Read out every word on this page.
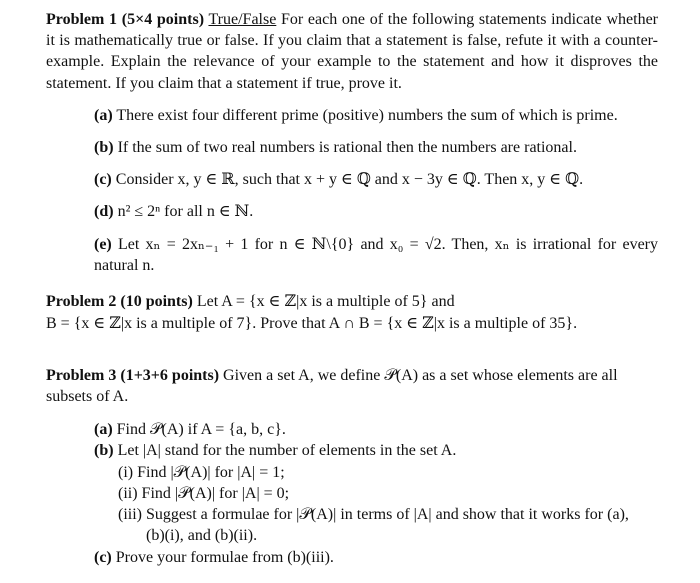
Problem 1 (5×4 points) True/False For each one of the following statements indicate whether
it is mathematically true or false. If you claim that a statement is false, refute it with a counter-
example. Explain the relevance of your example to the statement and how it disproves the
statement. If you claim that a statement if true, prove it.
(a) There exist four different prime (positive) numbers the sum of which is prime.
(b) If the sum of two real numbers is rational then the numbers are rational.
(c) Consider x, y ∈ ℝ, such that x + y ∈ ℚ and x − 3y ∈ ℚ. Then x, y ∈ ℚ.
(d) n² ≤ 2ⁿ for all n ∈ ℕ.
(e) Let xₙ = 2xₙ₋₁ + 1 for n ∈ ℕ\{0} and x₀ = √2. Then, xₙ is irrational for every
natural n.
Problem 2 (10 points) Let A = {x ∈ ℤ|x is a multiple of 5} and
B = {x ∈ ℤ|x is a multiple of 7}. Prove that A ∩ B = {x ∈ ℤ|x is a multiple of 35}.
Problem 3 (1+3+6 points) Given a set A, we define 𝒫(A) as a set whose elements are all
subsets of A.
(a) Find 𝒫(A) if A = {a, b, c}.
(b) Let |A| stand for the number of elements in the set A.
(i) Find |𝒫(A)| for |A| = 1;
(ii) Find |𝒫(A)| for |A| = 0;
(iii) Suggest a formulae for |𝒫(A)| in terms of |A| and show that it works for (a),
(b)(i), and (b)(ii).
(c) Prove your formulae from (b)(iii).
